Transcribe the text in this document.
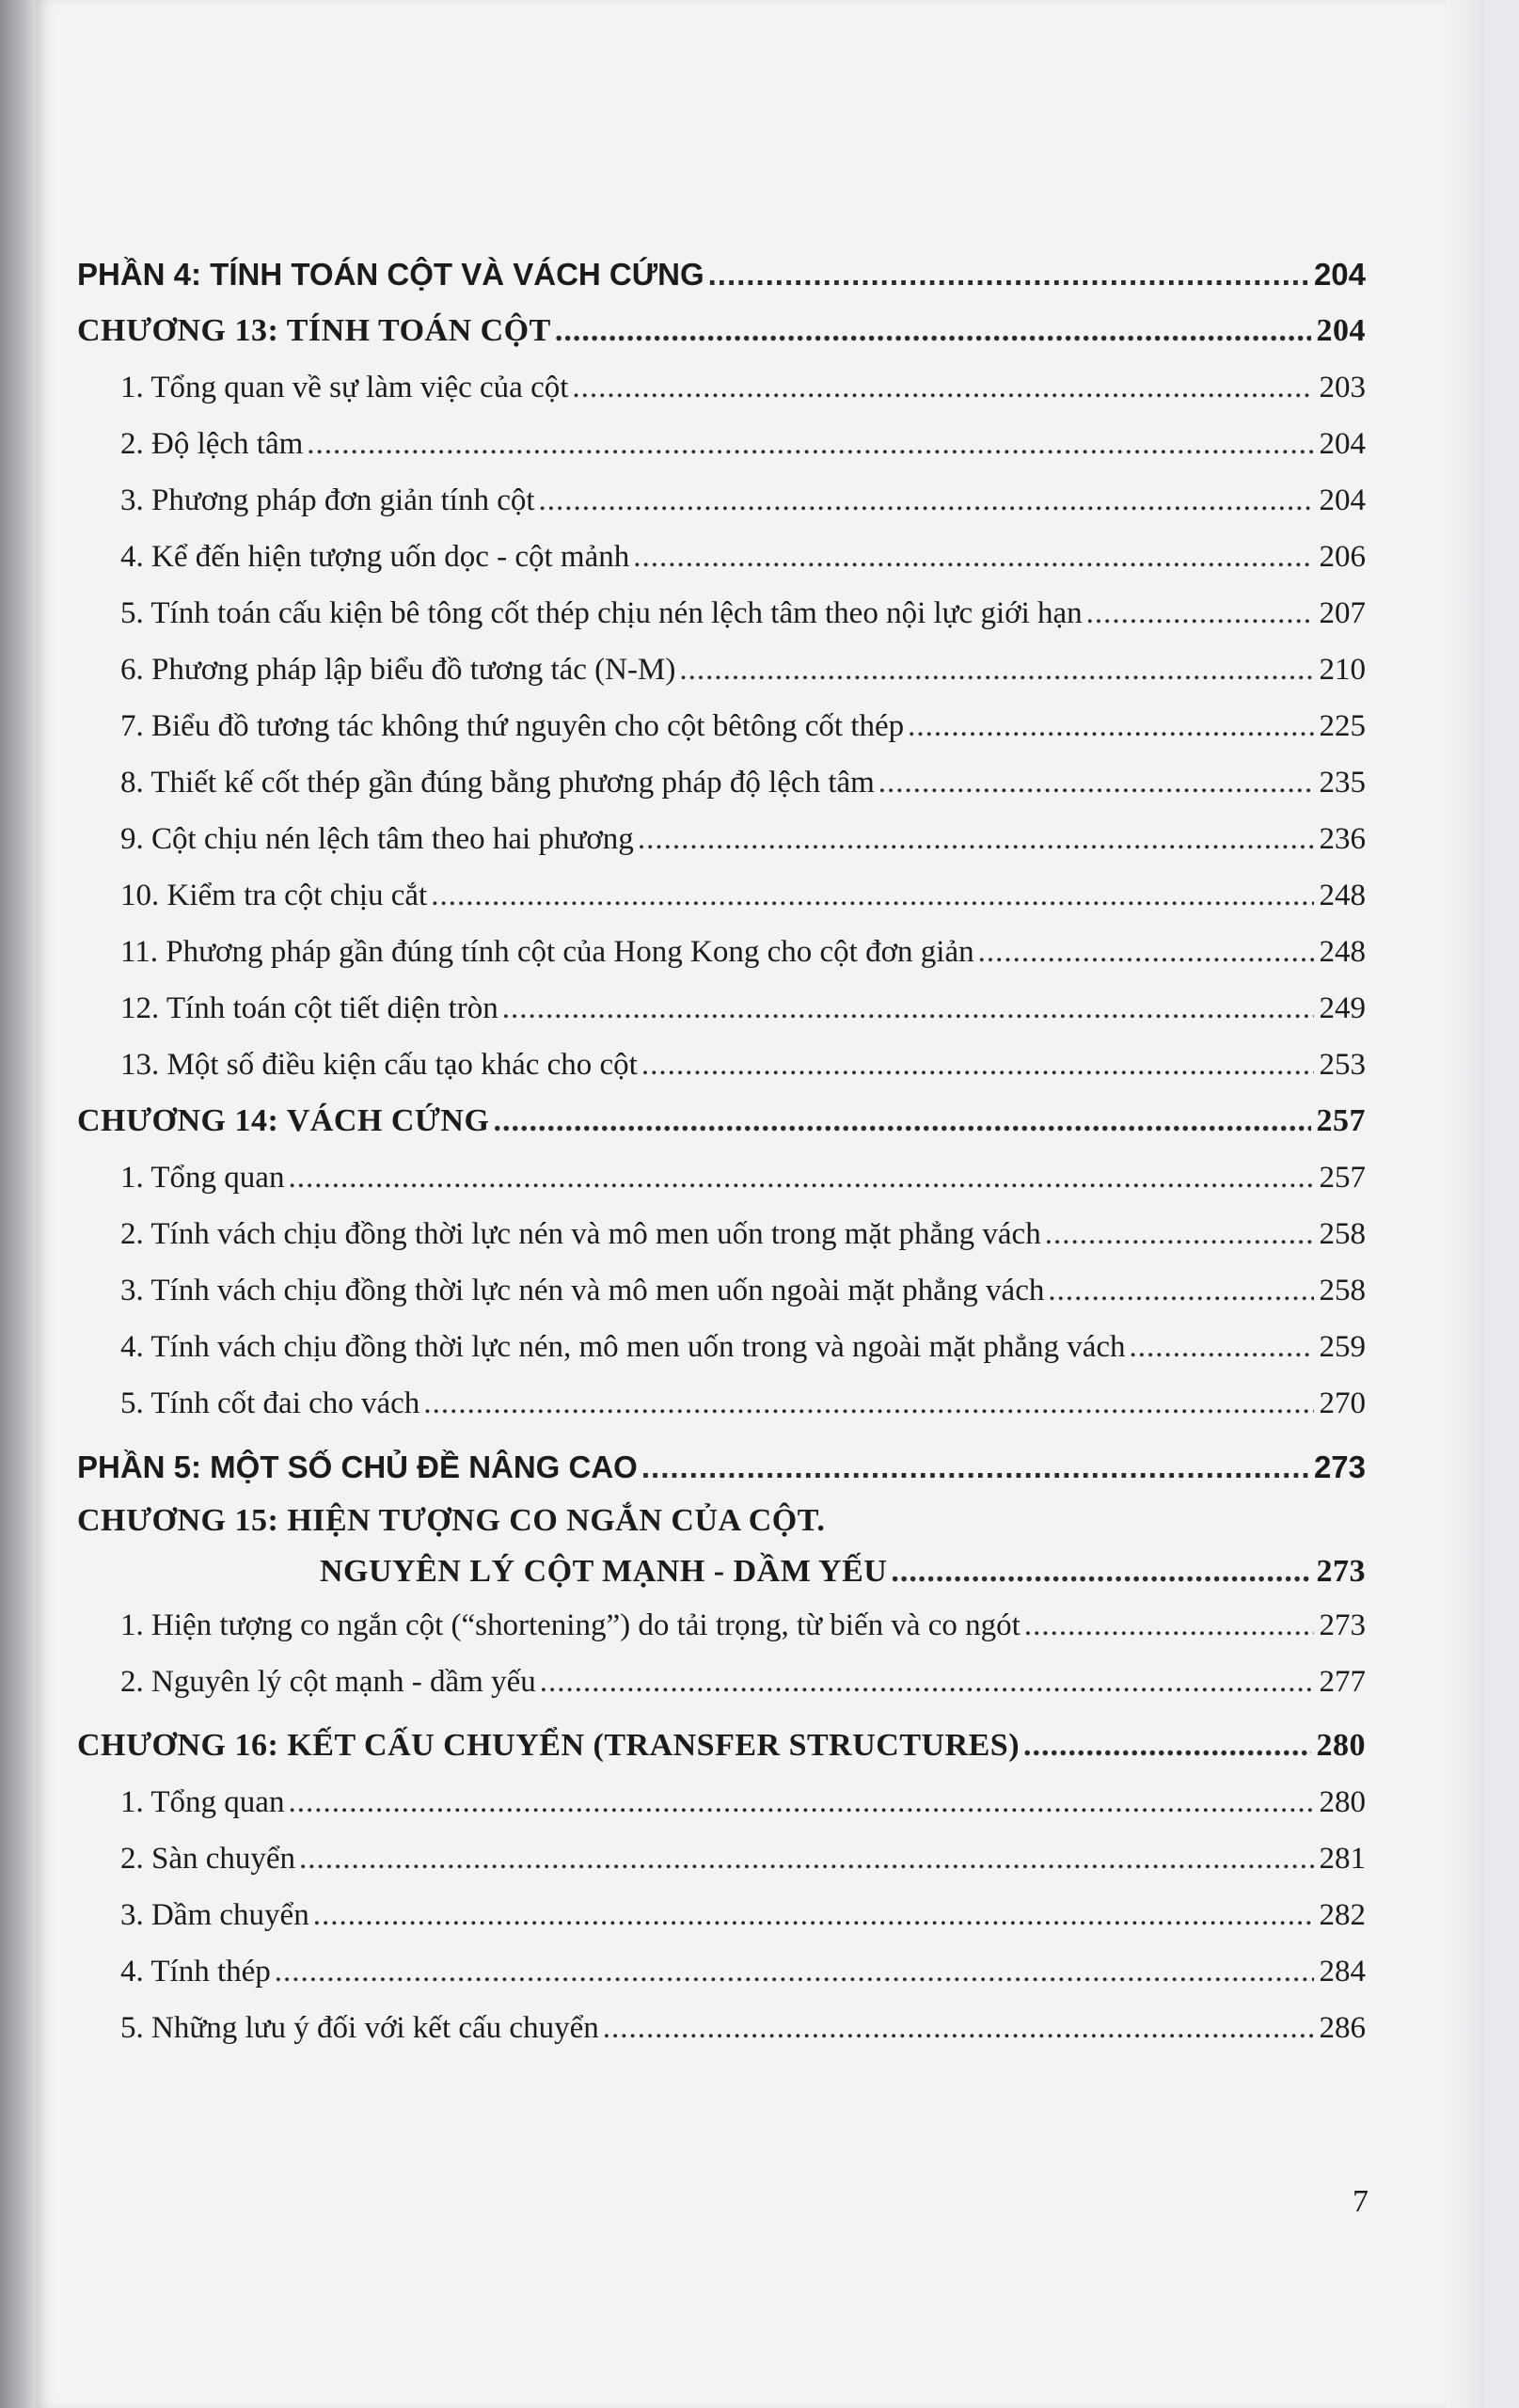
PHẦN 4: TÍNH TOÁN CỘT VÀ VÁCH CỨNG .....	204
CHƯƠNG 13: TÍNH TOÁN CỘT .....	204
1. Tổng quan về sự làm việc của cột .....	203
2. Độ lệch tâm .....	204
3. Phương pháp đơn giản tính cột .....	204
4. Kể đến hiện tượng uốn dọc - cột mảnh .....	206
5. Tính toán cấu kiện bê tông cốt thép chịu nén lệch tâm theo nội lực giới hạn .....	207
6. Phương pháp lập biểu đồ tương tác (N-M) .....	210
7. Biểu đồ tương tác không thứ nguyên cho cột bêtông cốt thép .....	225
8. Thiết kế cốt thép gần đúng bằng phương pháp độ lệch tâm .....	235
9. Cột chịu nén lệch tâm theo hai phương .....	236
10. Kiểm tra cột chịu cắt .....	248
11. Phương pháp gần đúng tính cột của Hong Kong cho cột đơn giản .....	248
12. Tính toán cột tiết diện tròn .....	249
13. Một số điều kiện cấu tạo khác cho cột .....	253
CHƯƠNG 14: VÁCH CỨNG .....	257
1. Tổng quan .....	257
2. Tính vách chịu đồng thời lực nén và mô men uốn trong mặt phẳng vách .....	258
3. Tính vách chịu đồng thời lực nén và mô men uốn ngoài mặt phẳng vách .....	258
4. Tính vách chịu đồng thời lực nén, mô men uốn trong và ngoài mặt phẳng vách .....	259
5. Tính cốt đai cho vách .....	270
PHẦN 5: MỘT SỐ CHỦ ĐỀ NÂNG CAO .....	273
CHƯƠNG 15: HIỆN TƯỢNG CO NGẮN CỦA CỘT.
NGUYÊN LÝ CỘT MẠNH - DẦM YẾU .....	273
1. Hiện tượng co ngắn cột (“shortening”) do tải trọng, từ biến và co ngót .....	273
2. Nguyên lý cột mạnh - dầm yếu .....	277
CHƯƠNG 16: KẾT CẤU CHUYỂN (TRANSFER STRUCTURES) .....	280
1. Tổng quan .....	280
2. Sàn chuyển .....	281
3. Dầm chuyển .....	282
4. Tính thép .....	284
5. Những lưu ý đối với kết cấu chuyển .....	286
7
